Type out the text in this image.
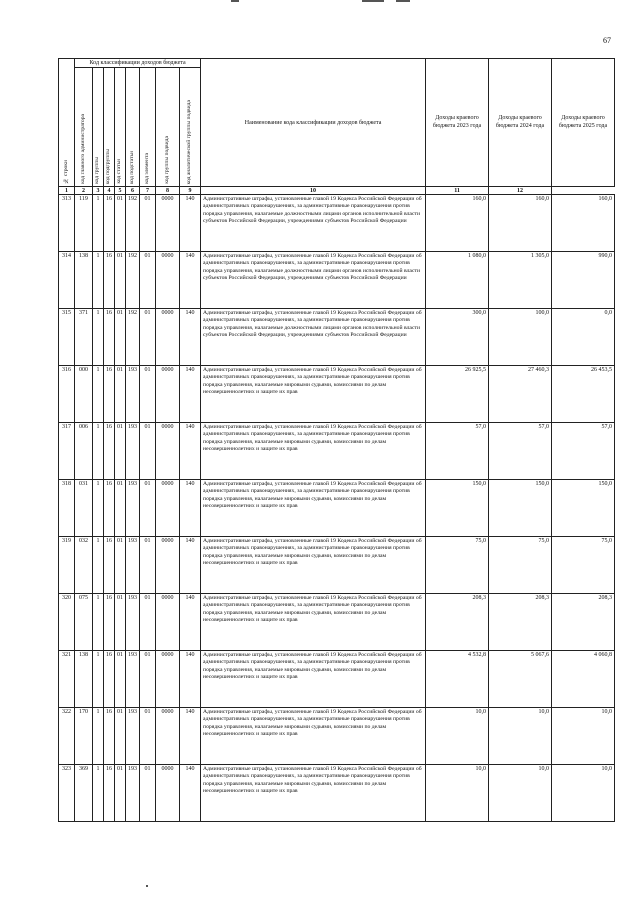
67
№ строки	Код классификации доходов бюджета								Наименование кода классификации доходов бюджета	Доходы краевого бюджета 2023 года	Доходы краевого бюджета 2024 года	Доходы краевого бюджета 2025 года
	код главного администратора	код группы	код подгруппы	код статьи	код подстатьи	код элемента	код группы подвида	код аналитической группы подвида				
1	2	3	4	5	6	7	8	9	10	11	12	
313	119	1	16	01	192	01	0000	140	Административные штрафы, установленные главой 19 Кодекса Российской Федерации об административных правонарушениях, за административные правонарушения против порядка управления, налагаемые должностными лицами органов исполнительной власти субъектов Российской Федерации, учреждениями субъектов Российской Федерации	160,0	160,0	160,0
314	138	1	16	01	192	01	0000	140	Административные штрафы, установленные главой 19 Кодекса Российской Федерации об административных правонарушениях, за административные правонарушения против порядка управления, налагаемые должностными лицами органов исполнительной власти субъектов Российской Федерации, учреждениями субъектов Российской Федерации	1 080,0	1 305,0	990,0
315	371	1	16	01	192	01	0000	140	Административные штрафы, установленные главой 19 Кодекса Российской Федерации об административных правонарушениях, за административные правонарушения против порядка управления, налагаемые должностными лицами органов исполнительной власти субъектов Российской Федерации, учреждениями субъектов Российской Федерации	300,0	100,0	0,0
316	000	1	16	01	193	01	0000	140	Административные штрафы, установленные главой 19 Кодекса Российской Федерации об административных правонарушениях, за административные правонарушения против порядка управления, налагаемые мировыми судьями, комиссиями по делам несовершеннолетних и защите их прав	26 925,5	27 460,3	26 453,5
317	006	1	16	01	193	01	0000	140	Административные штрафы, установленные главой 19 Кодекса Российской Федерации об административных правонарушениях, за административные правонарушения против порядка управления, налагаемые мировыми судьями, комиссиями по делам несовершеннолетних и защите их прав	57,0	57,0	57,0
318	031	1	16	01	193	01	0000	140	Административные штрафы, установленные главой 19 Кодекса Российской Федерации об административных правонарушениях, за административные правонарушения против порядка управления, налагаемые мировыми судьями, комиссиями по делам несовершеннолетних и защите их прав	150,0	150,0	150,0
319	032	1	16	01	193	01	0000	140	Административные штрафы, установленные главой 19 Кодекса Российской Федерации об административных правонарушениях, за административные правонарушения против порядка управления, налагаемые мировыми судьями, комиссиями по делам несовершеннолетних и защите их прав	75,0	75,0	75,0
320	075	1	16	01	193	01	0000	140	Административные штрафы, установленные главой 19 Кодекса Российской Федерации об административных правонарушениях, за административные правонарушения против порядка управления, налагаемые мировыми судьями, комиссиями по делам несовершеннолетних и защите их прав	208,3	208,3	208,3
321	138	1	16	01	193	01	0000	140	Административные штрафы, установленные главой 19 Кодекса Российской Федерации об административных правонарушениях, за административные правонарушения против порядка управления, налагаемые мировыми судьями, комиссиями по делам несовершеннолетних и защите их прав	4 532,8	5 067,6	4 060,8
322	170	1	16	01	193	01	0000	140	Административные штрафы, установленные главой 19 Кодекса Российской Федерации об административных правонарушениях, за административные правонарушения против порядка управления, налагаемые мировыми судьями, комиссиями по делам несовершеннолетних и защите их прав	10,0	10,0	10,0
323	369	1	16	01	193	01	0000	140	Административные штрафы, установленные главой 19 Кодекса Российской Федерации об административных правонарушениях, за административные правонарушения против порядка управления, налагаемые мировыми судьями, комиссиями по делам несовершеннолетних и защите их прав	10,0	10,0	10,0
